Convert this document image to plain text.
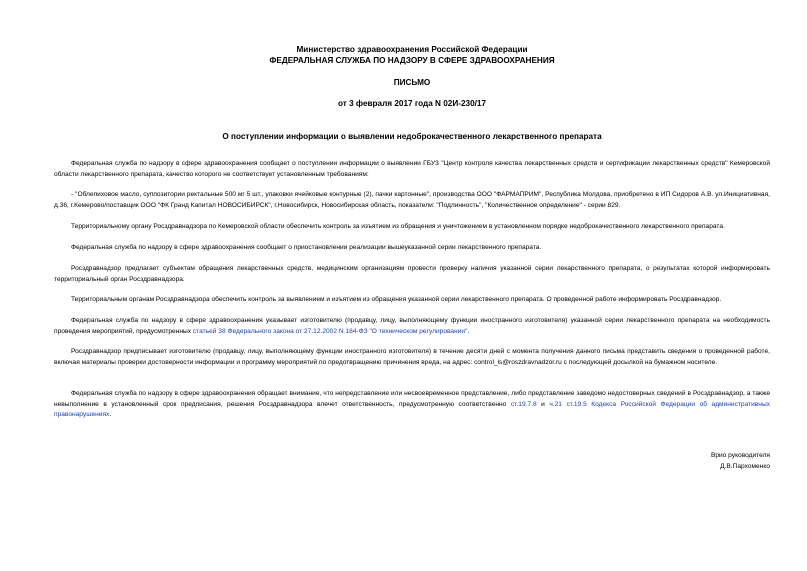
Министерство здравоохранения Российской Федерации
ФЕДЕРАЛЬНАЯ СЛУЖБА ПО НАДЗОРУ В СФЕРЕ ЗДРАВООХРАНЕНИЯ
ПИСЬМО
от 3 февраля 2017 года N 02И-230/17
О поступлении информации о выявлении недоброкачественного лекарственного препарата
Федеральная служба по надзору в сфере здравоохранения сообщает о поступлении информации о выявлении ГБУЗ "Центр контроля качества лекарственных средств и сертификации лекарственных средств" Кемеровской области лекарственного препарата, качество которого не соответствует установленным требованиям:
- "Облепиховое масло, суппозитории ректальные 500 мг 5 шт., упаковки ячейковые контурные (2), пачки картонные", производства ООО "ФАРМАПРИМ", Республика Молдова, приобретено в ИП Сидоров А.В. ул.Инициативная, д.36, г.Кемерово/поставщик ООО "ФК Гранд Капитал НОВОСИБИРСК", г.Новосибирск, Новосибирская область, показатели: "Подлинность", "Количественное определение" - серии 829.
Территориальному органу Росздравнадзора по Кемеровской области обеспечить контроль за изъятием из обращения и уничтожением в установленном порядке недоброкачественного лекарственного препарата.
Федеральная служба по надзору в сфере здравоохранения сообщает о приостановлении реализации вышеуказанной серии лекарственного препарата.
Росздравнадзор предлагает субъектам обращения лекарственных средств, медицинским организациям провести проверку наличия указанной серии лекарственного препарата, о результатах которой информировать территориальный орган Росздравнадзора.
Территориальным органам Росздравнадзора обеспечить контроль за выявлением и изъятием из обращения указанной серии лекарственного препарата. О проведенной работе информировать Росздравнадзор.
Федеральная служба по надзору в сфере здравоохранения указывает изготовителю (продавцу, лицу, выполняющему функции иностранного изготовителя) указанной серии лекарственного препарата на необходимость проведения мероприятий, предусмотренных статьей 38 Федерального закона от 27.12.2002 N 184-ФЗ "О техническом регулировании".
Росздравнадзор предписывает изготовителю (продавцу, лицу, выполняющему функции иностранного изготовителя) в течение десяти дней с момента получения данного письма представить сведения о проведенной работе, включая материалы проверки достоверности информации и программу мероприятий по предотвращению причинения вреда, на адрес: control_ls@roszdravnadzor.ru с последующей досылкой на бумажном носителе.
Федеральная служба по надзору в сфере здравоохранения обращает внимание, что непредставление или несвоевременное представление, либо представление заведомо недостоверных сведений в Росздравнадзор, а также невыполнение в установленный срок предписания, решения Росздравнадзора влечет ответственность, предусмотренную соответственно ст.19.7.8 и ч.21 ст.19.5 Кодекса Российской Федерации об административных правонарушениях.
Врио руководителя
Д.В.Пархоменко
